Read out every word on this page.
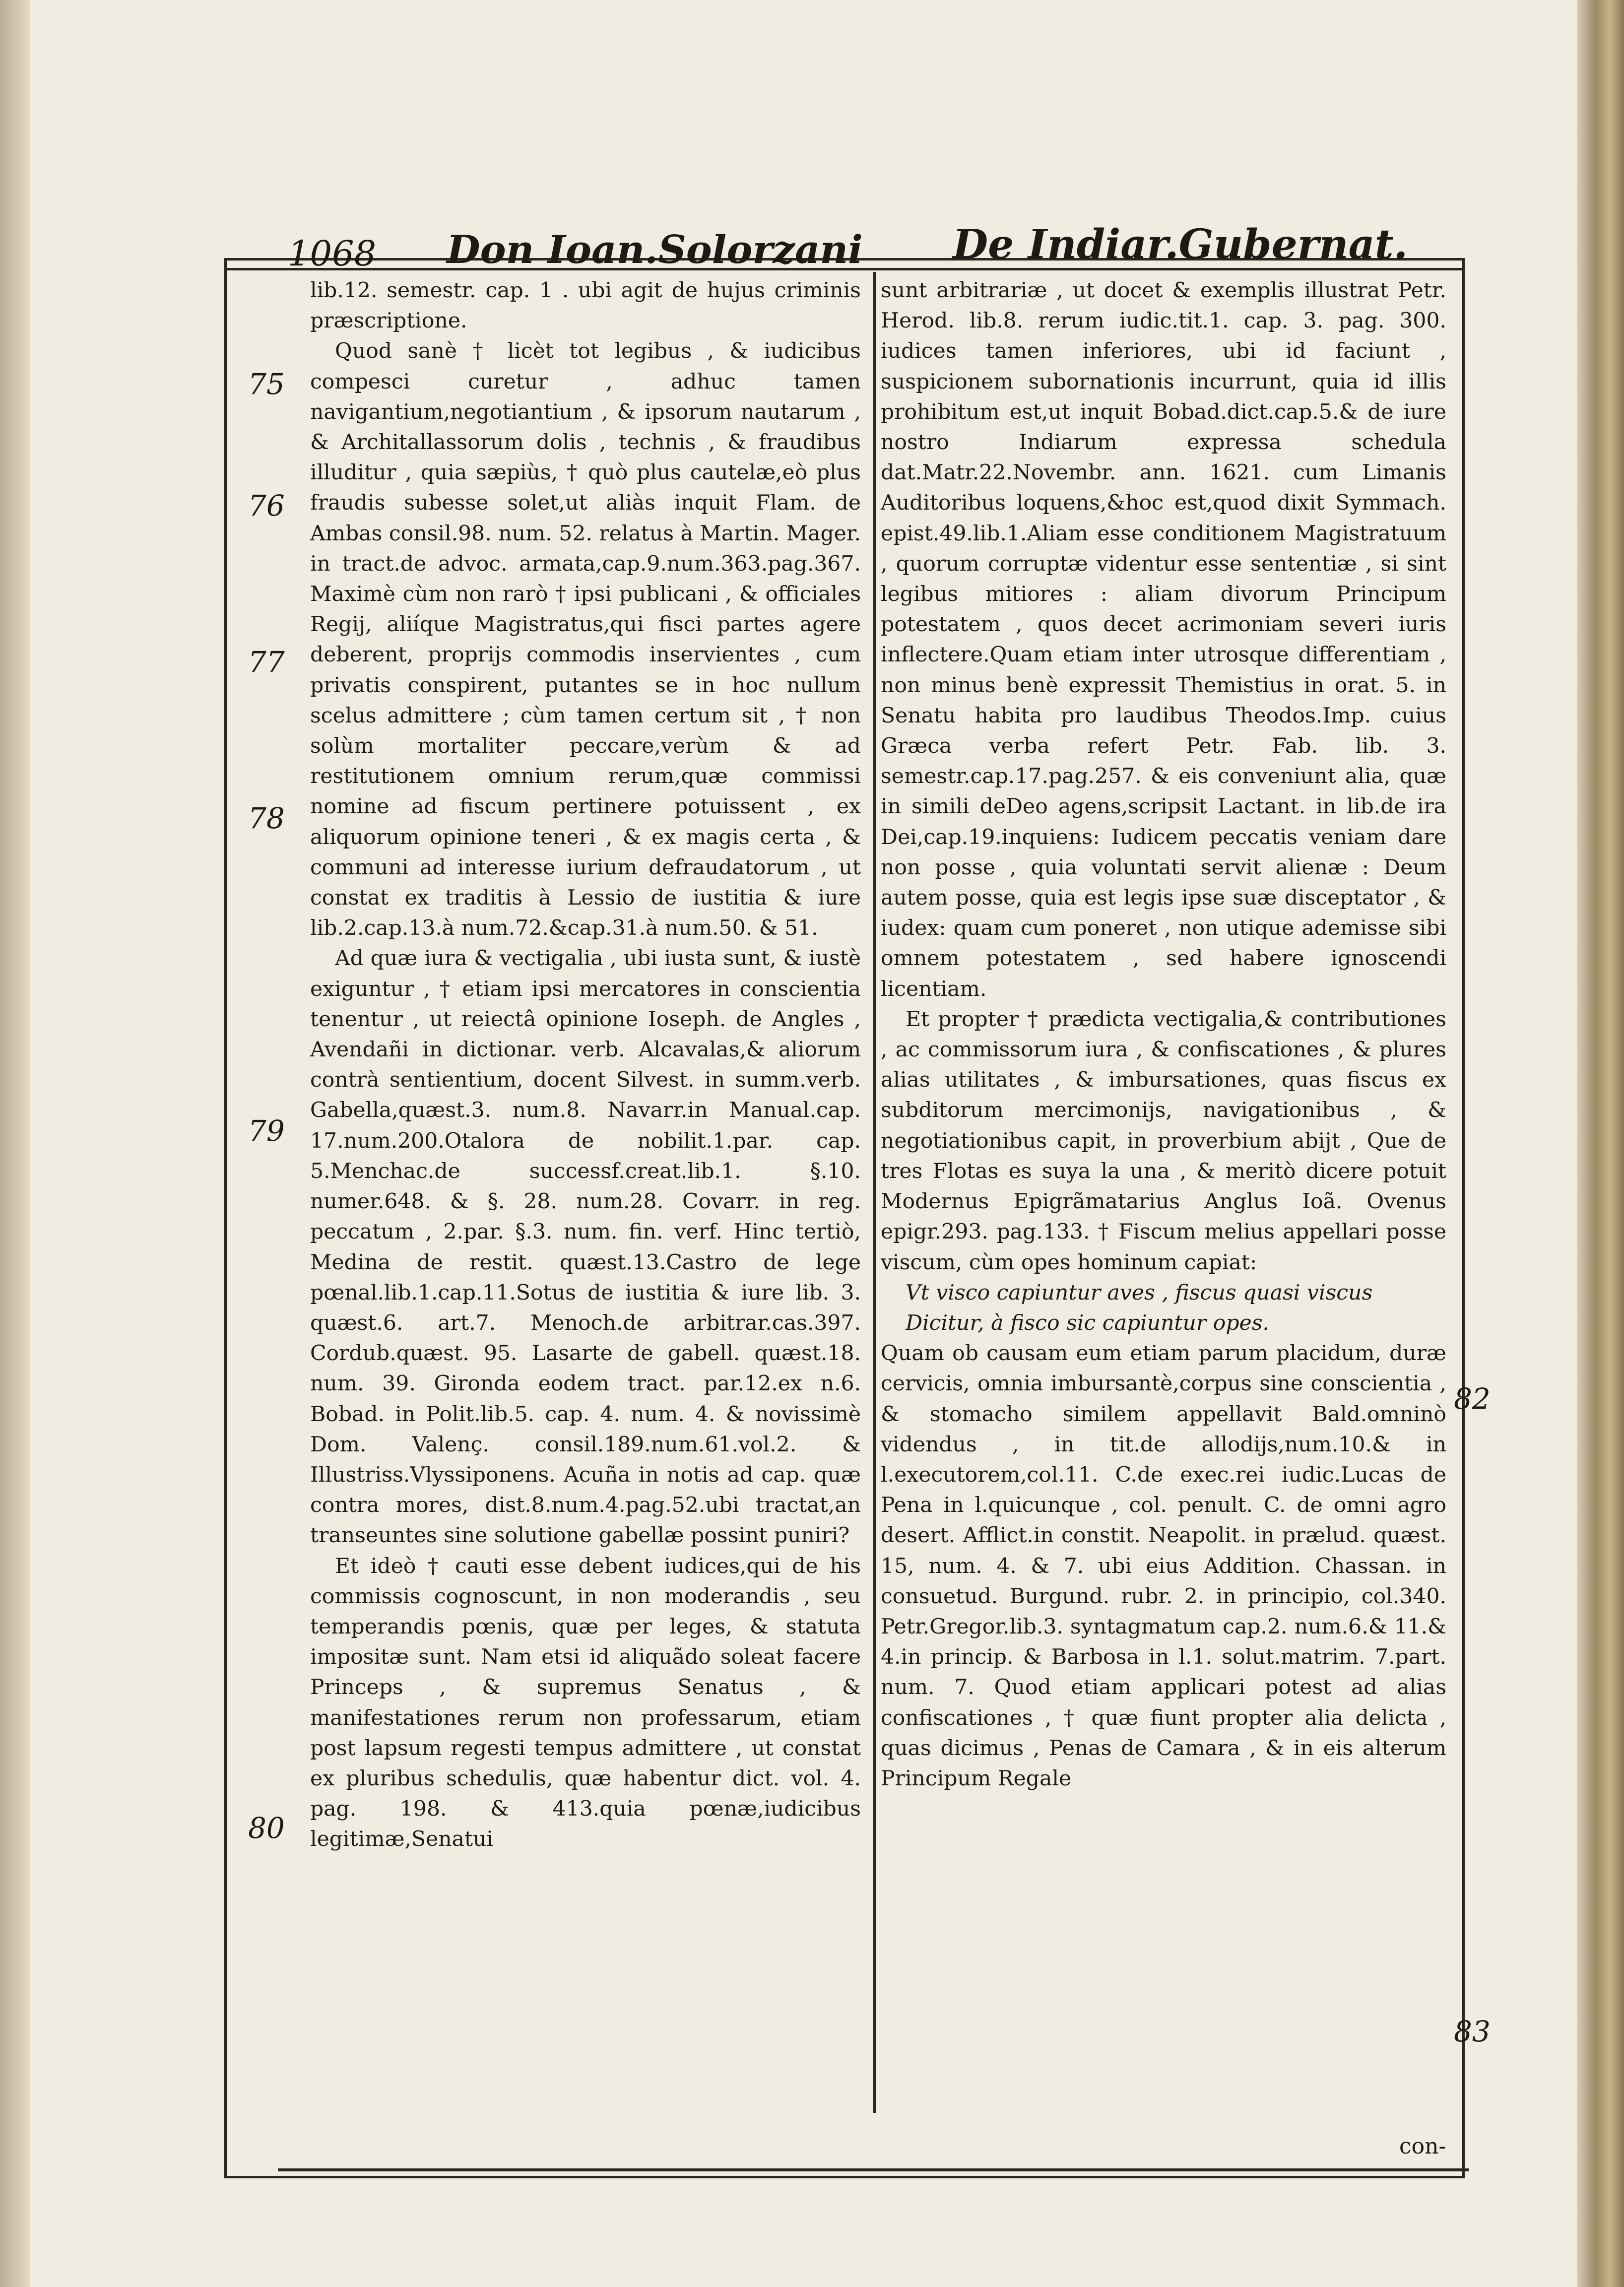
1068 Don Ioan.Solorzani De Indiar.Gubernat.
75
76
77
78
79
80
82
83

lib.12. semestr. cap. 1 . ubi agit de hujus criminis præscriptione.

Quod sanè † licèt tot legibus , & iudicibus compesci curetur , adhuc tamen navigantium,negotiantium , & ipsorum nautarum , & Architallassorum dolis , technis , & fraudibus illuditur , quia sæpiùs, † quò plus cautelæ,eò plus fraudis subesse solet,ut aliàs inquit Flam. de Ambas consil.98. num. 52. relatus à Martin. Mager. in tract.de advoc. armata,cap.9.num.363.pag.367. Maximè cùm non rarò † ipsi publicani , & officiales Regij, aliíque Magistratus,qui fisci partes agere deberent, proprijs commodis inservientes , cum privatis conspirent, putantes se in hoc nullum scelus admittere ; cùm tamen certum sit , † non solùm mortaliter peccare,verùm & ad restitutionem omnium rerum,quæ commissi nomine ad fiscum pertinere potuissent , ex aliquorum opinione teneri , & ex magis certa , & communi ad interesse iurium defraudatorum , ut constat ex traditis à Lessio de iustitia & iure lib.2.cap.13.à num.72.&cap.31.à num.50. & 51.

Ad quæ iura & vectigalia , ubi iusta sunt, & iustè exiguntur , † etiam ipsi mercatores in conscientia tenentur , ut reiectâ opinione Ioseph. de Angles , Avendañi in dictionar. verb. Alcavalas,& aliorum contrà sentientium, docent Silvest. in summ.verb. Gabella,quæst.3. num.8. Navarr.in Manual.cap. 17.num.200.Otalora de nobilit.1.par. cap. 5.Menchac.de successf.creat.lib.1. §.10. numer.648. & §. 28. num.28. Covarr. in reg. peccatum , 2.par. §.3. num. fin. verf. Hinc tertiò, Medina de restit. quæst.13.Castro de lege pœnal.lib.1.cap.11.Sotus de iustitia & iure lib. 3. quæst.6. art.7. Menoch.de arbitrar.cas.397. Cordub.quæst. 95. Lasarte de gabell. quæst.18. num. 39. Gironda eodem tract. par.12.ex n.6. Bobad. in Polit.lib.5. cap. 4. num. 4. & novissimè Dom. Valenç. consil.189.num.61.vol.2. & Illustriss.Vlyssiponens. Acuña in notis ad cap. quæ contra mores, dist.8.num.4.pag.52.ubi tractat,an transeuntes sine solutione gabellæ possint puniri?

Et ideò † cauti esse debent iudices,qui de his commissis cognoscunt, in non moderandis , seu temperandis pœnis, quæ per leges, & statuta impositæ sunt. Nam etsi id aliquãdo soleat facere Princeps , & supremus Senatus , & manifestationes rerum non professarum, etiam post lapsum regesti tempus admittere , ut constat ex pluribus schedulis, quæ habentur dict. vol. 4. pag. 198. & 413.quia pœnæ,iudicibus legitimæ,Senatui

sunt arbitrariæ , ut docet & exemplis illustrat Petr. Herod. lib.8. rerum iudic.tit.1. cap. 3. pag. 300. iudices tamen inferiores, ubi id faciunt , suspicionem subornationis incurrunt, quia id illis prohibitum est,ut inquit Bobad.dict.cap.5.& de iure nostro Indiarum expressa schedula dat.Matr.22.Novembr. ann. 1621. cum Limanis Auditoribus loquens,&hoc est,quod dixit Symmach. epist.49.lib.1.Aliam esse conditionem Magistratuum , quorum corruptæ videntur esse sententiæ , si sint legibus mitiores : aliam divorum Principum potestatem , quos decet acrimoniam severi iuris inflectere.Quam etiam inter utrosque differentiam , non minus benè expressit Themistius in orat. 5. in Senatu habita pro laudibus Theodos.Imp. cuius Græca verba refert Petr. Fab. lib. 3. semestr.cap.17.pag.257. & eis conveniunt alia, quæ in simili deDeo agens,scripsit Lactant. in lib.de ira Dei,cap.19.inquiens: Iudicem peccatis veniam dare non posse , quia voluntati servit alienæ : Deum autem posse, quia est legis ipse suæ disceptator , & iudex: quam cum poneret , non utique ademisse sibi omnem potestatem , sed habere ignoscendi licentiam.

Et propter † prædicta vectigalia,& contributiones , ac commissorum iura , & confiscationes , & plures alias utilitates , & imbursationes, quas fiscus ex subditorum mercimonijs, navigationibus , & negotiationibus capit, in proverbium abijt , Que de tres Flotas es suya la una , & meritò dicere potuit Modernus Epigrãmatarius Anglus Ioã. Ovenus epigr.293. pag.133. † Fiscum melius appellari posse viscum, cùm opes hominum capiat:

Vt visco capiuntur aves , fiscus quasi viscus

Dicitur, à fisco sic capiuntur opes.

Quam ob causam eum etiam parum placidum, duræ cervicis, omnia imbursantè,corpus sine conscientia , & stomacho similem appellavit Bald.omninò videndus , in tit.de allodijs,num.10.& in l.executorem,col.11. C.de exec.rei iudic.Lucas de Pena in l.quicunque , col. penult. C. de omni agro desert. Afflict.in constit. Neapolit. in prælud. quæst. 15, num. 4. & 7. ubi eius Addition. Chassan. in consuetud. Burgund. rubr. 2. in principio, col.340. Petr.Gregor.lib.3. syntagmatum cap.2. num.6.& 11.& 4.in princip. & Barbosa in l.1. solut.matrim. 7.part. num. 7. Quod etiam applicari potest ad alias confiscationes , † quæ fiunt propter alia delicta , quas dicimus , Penas de Camara , & in eis alterum Principum Regale

con-
